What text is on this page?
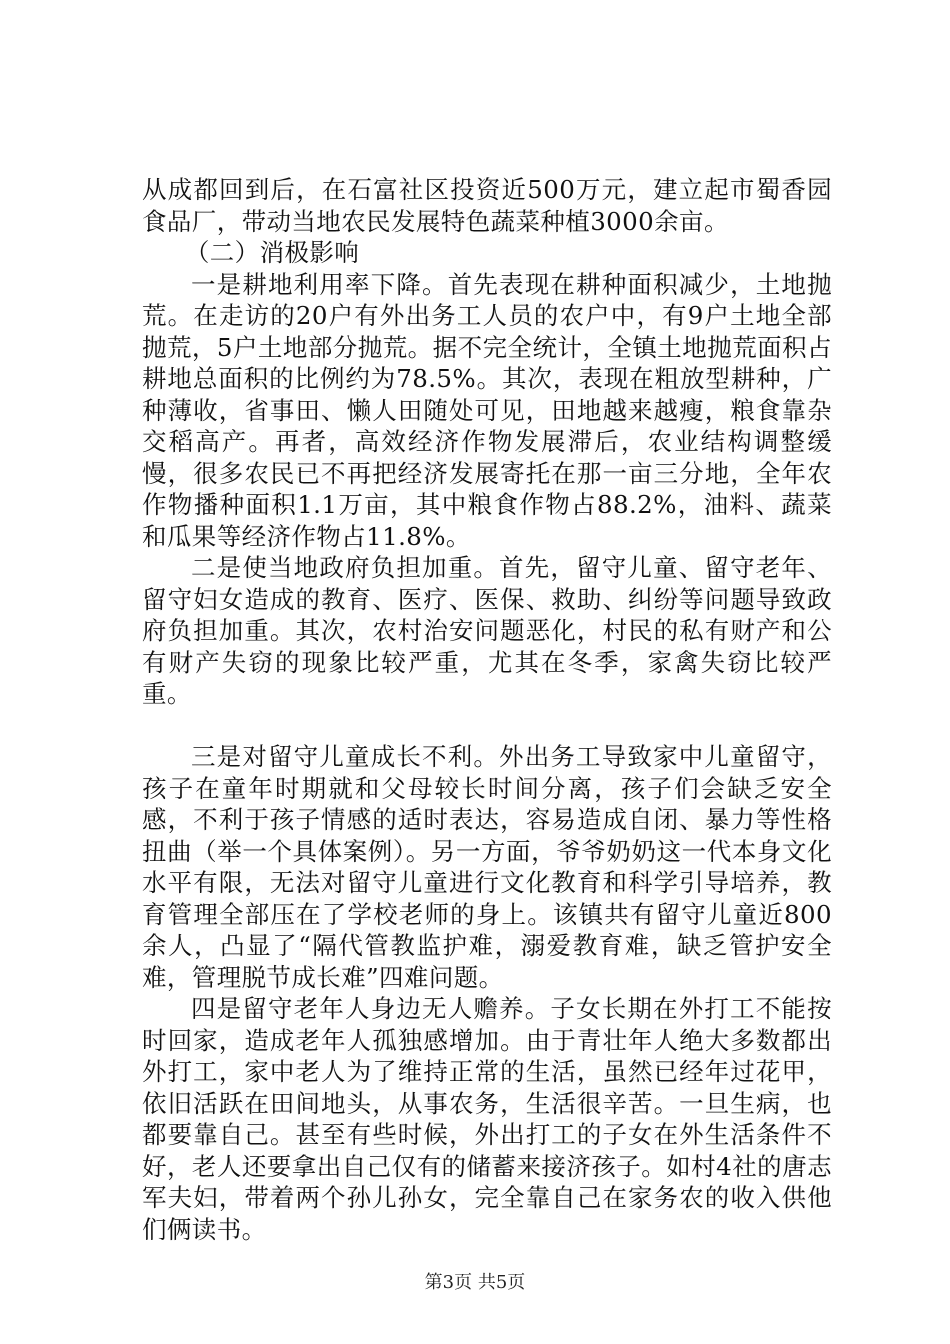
从成都回到后，在石富社区投资近500万元，建立起市蜀香园食品厂，带动当地农民发展特色蔬菜种植3000余亩。

（二）消极影响

一是耕地利用率下降。首先表现在耕种面积减少，土地抛荒。在走访的20户有外出务工人员的农户中，有9户土地全部抛荒，5户土地部分抛荒。据不完全统计，全镇土地抛荒面积占耕地总面积的比例约为78.5%。其次，表现在粗放型耕种，广种薄收，省事田、懒人田随处可见，田地越来越瘦，粮食靠杂交稻高产。再者，高效经济作物发展滞后，农业结构调整缓慢，很多农民已不再把经济发展寄托在那一亩三分地，全年农作物播种面积1.1万亩，其中粮食作物占88.2%，油料、蔬菜和瓜果等经济作物占11.8%。

二是使当地政府负担加重。首先，留守儿童、留守老年、留守妇女造成的教育、医疗、医保、救助、纠纷等问题导致政府负担加重。其次，农村治安问题恶化，村民的私有财产和公有财产失窃的现象比较严重，尤其在冬季，家禽失窃比较严重。

三是对留守儿童成长不利。外出务工导致家中儿童留守，孩子在童年时期就和父母较长时间分离，孩子们会缺乏安全感，不利于孩子情感的适时表达，容易造成自闭、暴力等性格扭曲（举一个具体案例）。另一方面，爷爷奶奶这一代本身文化水平有限，无法对留守儿童进行文化教育和科学引导培养，教育管理全部压在了学校老师的身上。该镇共有留守儿童近800余人，凸显了“隔代管教监护难，溺爱教育难，缺乏管护安全难，管理脱节成长难”四难问题。

四是留守老年人身边无人赡养。子女长期在外打工不能按时回家，造成老年人孤独感增加。由于青壮年人绝大多数都出外打工，家中老人为了维持正常的生活，虽然已经年过花甲，依旧活跃在田间地头，从事农务，生活很辛苦。一旦生病，也都要靠自己。甚至有些时候，外出打工的子女在外生活条件不好，老人还要拿出自己仅有的储蓄来接济孩子。如村4社的唐志军夫妇，带着两个孙儿孙女，完全靠自己在家务农的收入供他们俩读书。

第3页 共5页
